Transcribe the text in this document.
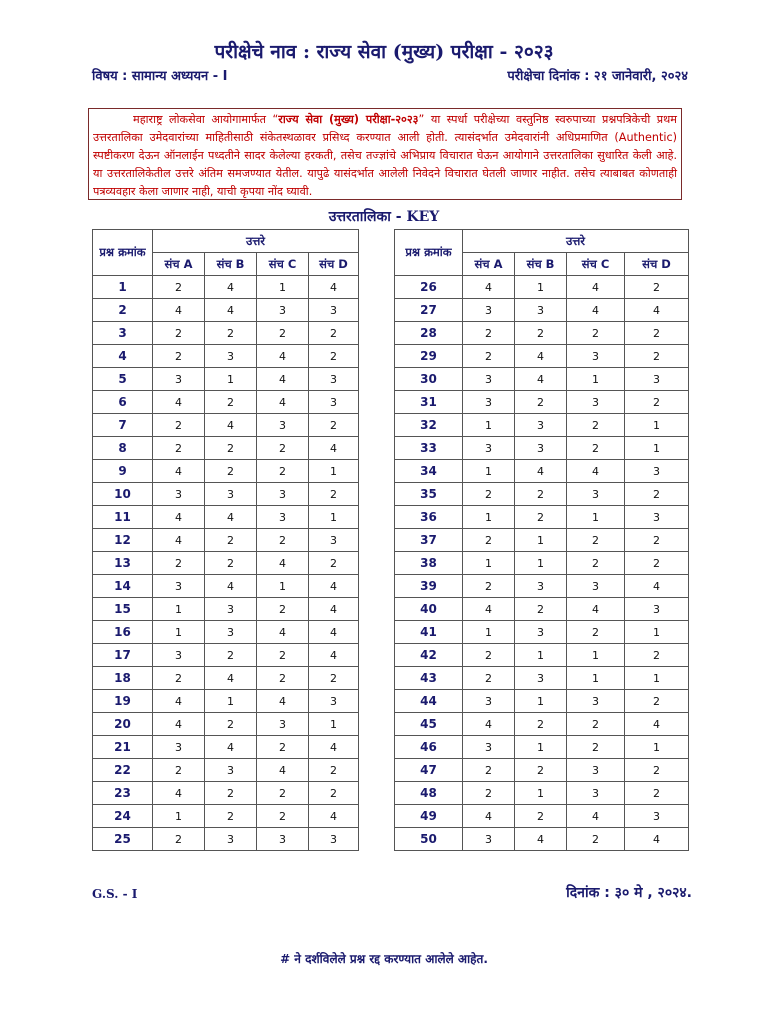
परीक्षेचे नाव : राज्य सेवा (मुख्य) परीक्षा - २०२३
विषय : सामान्य अध्ययन - I	परीक्षेचा दिनांक : २१ जानेवारी, २०२४
महाराष्ट्र लोकसेवा आयोगामार्फत “राज्य सेवा (मुख्य) परीक्षा-२०२३” या स्पर्धा परीक्षेच्या वस्तुनिष्ठ स्वरुपाच्या प्रश्नपत्रिकेची प्रथम उत्तरतालिका उमेदवारांच्या माहितीसाठी संकेतस्थळावर प्रसिध्द करण्यात आली होती. त्यासंदर्भात उमेदवारांनी अधिप्रमाणित (Authentic) स्पष्टीकरण देऊन ऑनलाईन पध्दतीने सादर केलेल्या हरकती, तसेच तज्ज्ञांचे अभिप्राय विचारात घेऊन आयोगाने उत्तरतालिका सुधारित केली आहे. या उत्तरतालिकेतील उत्तरे अंतिम समजण्यात येतील. यापुढे यासंदर्भात आलेली निवेदने विचारात घेतली जाणार नाहीत. तसेच त्याबाबत कोणताही पत्रव्यवहार केला जाणार नाही, याची कृपया नोंद घ्यावी.
उत्तरतालिका - KEY
प्रश्न क्रमांक	उत्तरे			
	संच A	संच B	संच C	संच D
1	2	4	1	4
2	4	4	3	3
3	2	2	2	2
4	2	3	4	2
5	3	1	4	3
6	4	2	4	3
7	2	4	3	2
8	2	2	2	4
9	4	2	2	1
10	3	3	3	2
11	4	4	3	1
12	4	2	2	3
13	2	2	4	2
14	3	4	1	4
15	1	3	2	4
16	1	3	4	4
17	3	2	2	4
18	2	4	2	2
19	4	1	4	3
20	4	2	3	1
21	3	4	2	4
22	2	3	4	2
23	4	2	2	2
24	1	2	2	4
25	2	3	3	3
प्रश्न क्रमांक	उत्तरे			
	संच A	संच B	संच C	संच D
26	4	1	4	2
27	3	3	4	4
28	2	2	2	2
29	2	4	3	2
30	3	4	1	3
31	3	2	3	2
32	1	3	2	1
33	3	3	2	1
34	1	4	4	3
35	2	2	3	2
36	1	2	1	3
37	2	1	2	2
38	1	1	2	2
39	2	3	3	4
40	4	2	4	3
41	1	3	2	1
42	2	1	1	2
43	2	3	1	1
44	3	1	3	2
45	4	2	2	4
46	3	1	2	1
47	2	2	3	2
48	2	1	3	2
49	4	2	4	3
50	3	4	2	4
G.S. - I	दिनांक : ३० मे , २०२४.
# ने दर्शविलेले प्रश्न रद्द करण्यात आलेले आहेत.
